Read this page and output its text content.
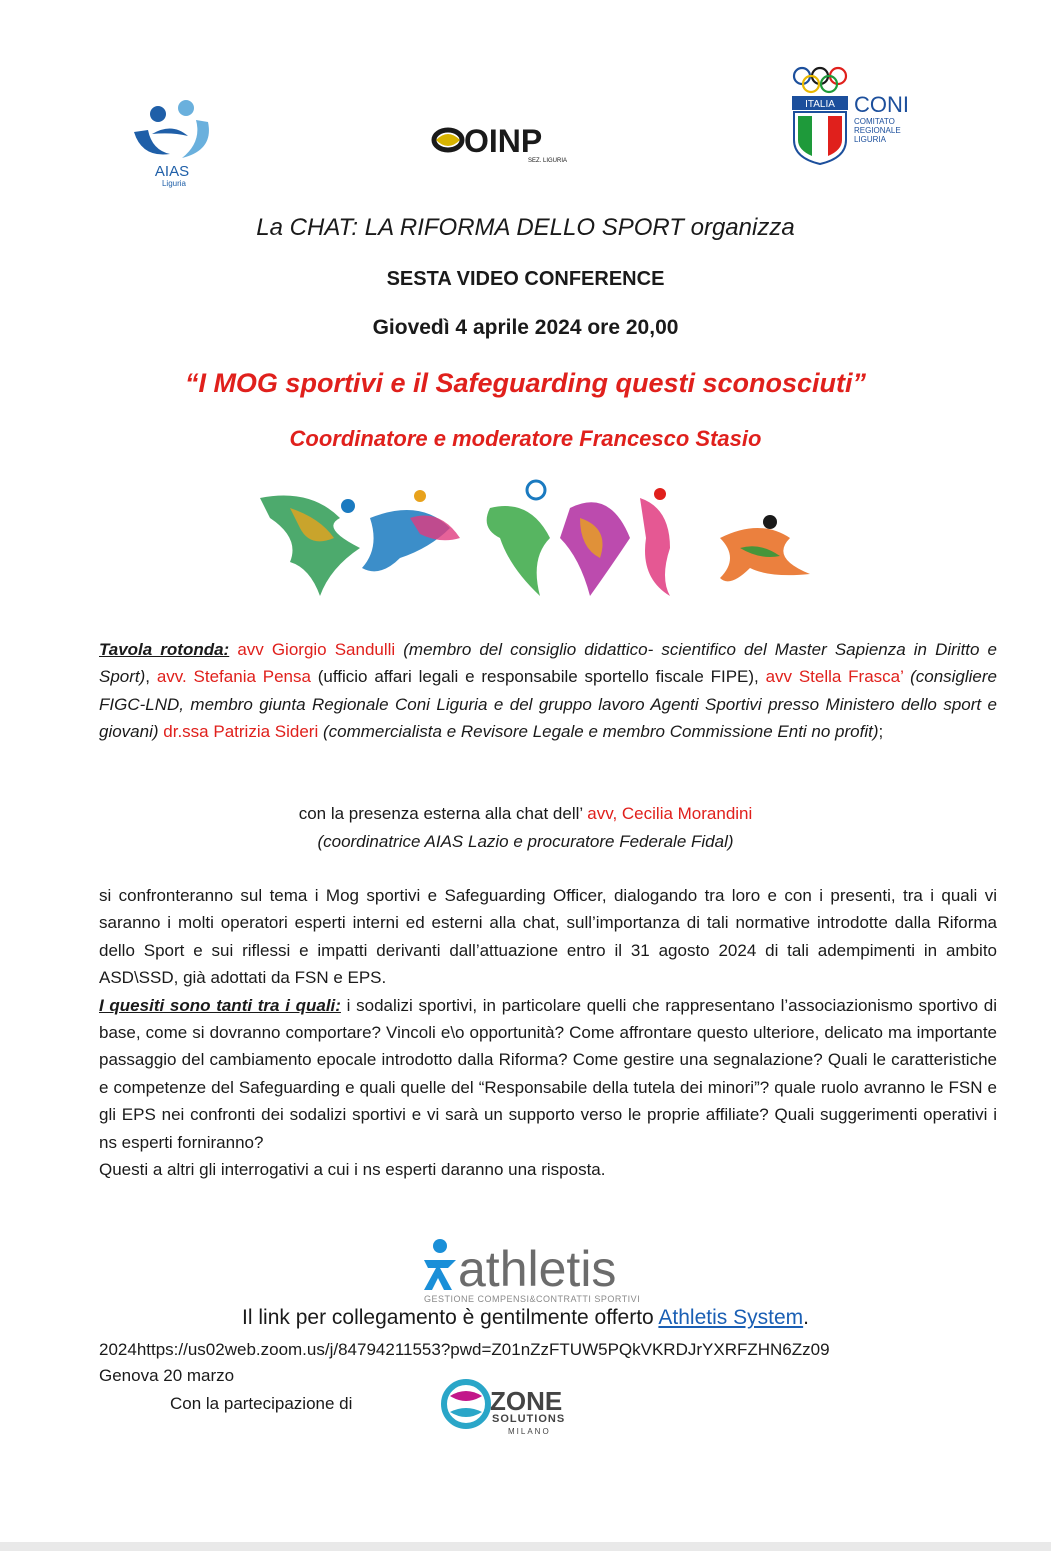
AIAS
Liguria
OINP
SEZ. LIGURIA
ITALIA CONI
COMITATO
REGIONALE
LIGURIA
La CHAT: LA RIFORMA DELLO SPORT organizza
SESTA VIDEO CONFERENCE
Giovedì 4 aprile 2024 ore 20,00
“I MOG sportivi e il Safeguarding questi sconosciuti”
Coordinatore e moderatore Francesco Stasio

Tavola rotonda: avv Giorgio Sandulli (membro del consiglio didattico- scientifico del Master Sapienza in Diritto e Sport), avv. Stefania Pensa (ufficio affari legali e responsabile sportello fiscale FIPE), avv Stella Frasca’ (consigliere FIGC-LND, membro giunta Regionale Coni Liguria e del gruppo lavoro Agenti Sportivi presso Ministero dello sport e giovani) dr.ssa Patrizia Sideri (commercialista e Revisore Legale e membro Commissione Enti no profit);

con la presenza esterna alla chat dell’ avv, Cecilia Morandini
(coordinatrice AIAS Lazio e procuratore Federale Fidal)

si confronteranno sul tema i Mog sportivi e Safeguarding Officer, dialogando tra loro e con i presenti, tra i quali vi saranno i molti operatori esperti interni ed esterni alla chat, sull’importanza di tali normative introdotte dalla Riforma dello Sport e sui riflessi e impatti derivanti dall’attuazione entro il 31 agosto 2024 di tali adempimenti in ambito ASD\SSD, già adottati da FSN e EPS.

I quesiti sono tanti tra i quali: i sodalizi sportivi, in particolare quelli che rappresentano l’associazionismo sportivo di base, come si dovranno comportare? Vincoli e\o opportunità? Come affrontare questo ulteriore, delicato ma importante passaggio del cambiamento epocale introdotto dalla Riforma? Come gestire una segnalazione? Quali le caratteristiche e competenze del Safeguarding e quali quelle del “Responsabile della tutela dei minori”? quale ruolo avranno le FSN e gli EPS nei confronti dei sodalizi sportivi e vi sarà un supporto verso le proprie affiliate? Quali suggerimenti operativi i ns esperti forniranno?

Questi a altri gli interrogativi a cui i ns esperti daranno una risposta.

athletis
GESTIONE COMPENSI&CONTRATTI SPORTIVI
Il link per collegamento è gentilmente offerto Athletis System.
2024https://us02web.zoom.us/j/84794211553?pwd=Z01nZzFTUW5PQkVKRDJrYXRFZHN6Zz09
Genova 20 marzo
Con la partecipazione di	ZONE
SOLUTIONS
MILANO
